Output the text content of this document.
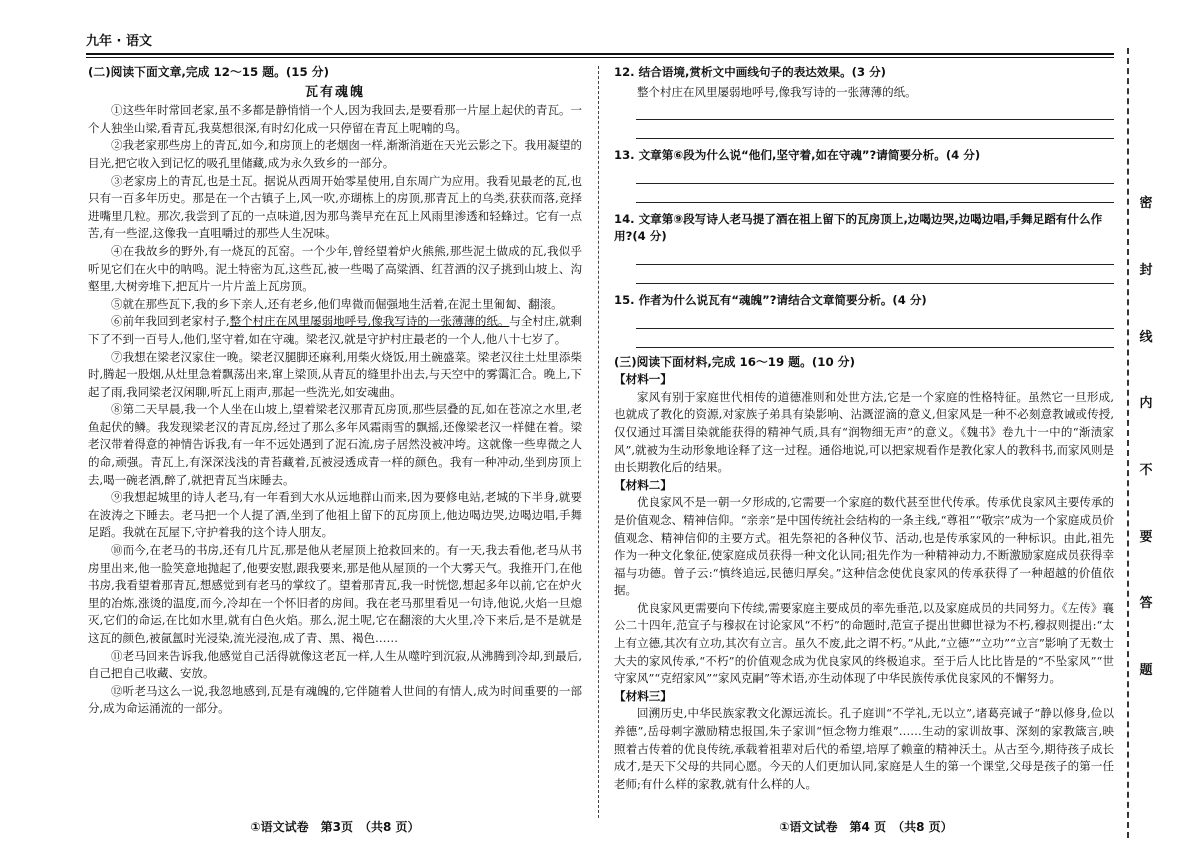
九年 · 语文
密
封
线
内
不
要
答
题

(二)阅读下面文章,完成 12～15 题。(15 分)

瓦有魂魄

①这些年时常回老家,虽不多都是静悄悄一个人,因为我回去,是要看那一片屋上起伏的青瓦。一个人独坐山梁,看青瓦,我莫想很深,有时幻化成一只停留在青瓦上呢喃的鸟。

②我老家那些房上的青瓦,如今,和房顶上的老烟囱一样,渐渐消逝在天光云影之下。我用凝望的目光,把它收入到记忆的吸孔里储藏,成为永久致乡的一部分。

③老家房上的青瓦,也是土瓦。据说从西周开始零星使用,自东周广为应用。我看见最老的瓦,也只有一百多年历史。那是在一个古镇子上,风一吹,亦瑚栋上的房顶,那青瓦上的乌类,获获而落,竞择进嘴里几粒。那次,我尝到了瓦的一点味道,因为那鸟粪早充在瓦上风雨里渗透和轻蜂过。它有一点苦,有一些涩,这像我一直咀嚼过的那些人生况味。

④在我故乡的野外,有一烧瓦的瓦窑。一个少年,曾经望着炉火熊熊,那些泥土做成的瓦,我似乎听见它们在火中的呐鸣。泥土特密为瓦,这些瓦,被一些喝了高粱酒、红苕酒的汉子挑到山坡上、沟壑里,大树旁堆下,把瓦片一片片盖上瓦房顶。

⑤就在那些瓦下,我的乡下亲人,还有老乡,他们卑微而倔强地生活着,在泥土里匍匐、翻滚。

⑥前年我回到老家村子,整个村庄在风里屡弱地呼号,像我写诗的一张薄薄的纸。与全村庄,就剩下了不到一百号人,他们,坚守着,如在守魂。梁老汉,就是守护村庄最老的一个人,他八十七岁了。

⑦我想在梁老汉家住一晚。梁老汉腿脚还麻利,用柴火烧饭,用土碗盛菜。梁老汉往土灶里添柴时,腾起一股烟,从灶里急着飘荡出来,窜上梁顶,从青瓦的缝里扑出去,与天空中的雾霭汇合。晚上,下起了雨,我同梁老汉闲聊,听瓦上雨声,那起一些洗光,如安魂曲。

⑧第二天早晨,我一个人坐在山坡上,望着梁老汉那青瓦房顶,那些层叠的瓦,如在苍凉之水里,老鱼起伏的鳞。我发现梁老汉的青瓦房,经过了那么多年风霜雨雪的飘摇,还像梁老汉一样健在着。梁老汉带着得意的神情告诉我,有一年不远处遇到了泥石流,房子居然没被冲垮。这就像一些卑微之人的命,顽强。青瓦上,有深深浅浅的青苔藏着,瓦被浸透成青一样的颜色。我有一种冲动,坐到房顶上去,喝一碗老酒,醉了,就把青瓦当床睡去。

⑨我想起城里的诗人老马,有一年看到大水从远地群山而来,因为要修电站,老城的下半身,就要在波涛之下睡去。老马把一个人提了酒,坐到了他祖上留下的瓦房顶上,他边喝边哭,边喝边唱,手舞足蹈。我就在瓦屋下,守护着我的这个诗人朋友。

⑩而今,在老马的书房,还有几片瓦,那是他从老屋顶上抢救回来的。有一天,我去看他,老马从书房里出来,他一脸笑意地抛起了,他要安慰,跟我要来,那是他从屋顶的一个大雾天气。我推开门,在他书房,我看望着那青瓦,想感觉到有老马的掌纹了。望着那青瓦,我一时恍惚,想起多年以前,它在炉火里的冶炼,涨烫的温度,而今,冷却在一个怀旧者的房间。我在老马那里看见一句诗,他说,火焰一旦熄灭,它们的命运,在比如水里,就有白色火焰。那么,泥土呢,它在翻滚的大火里,冷下来后,是不是就是这瓦的颜色,被氤氲时光浸染,流光浸泡,成了青、黑、褐色……

⑪老马回来告诉我,他感觉自己活得就像这老瓦一样,人生从噬咛到沉寂,从沸腾到冷却,到最后,自己把自己收藏、安放。

⑫听老马这么一说,我忽地感到,瓦是有魂魄的,它伴随着人世间的有情人,成为时间重要的一部分,成为命运涌流的一部分。

12. 结合语境,赏析文中画线句子的表达效果。(3 分)

整个村庄在风里屡弱地呼号,像我写诗的一张薄薄的纸。

13. 文章第⑥段为什么说“他们,坚守着,如在守魂”?请简要分析。(4 分)

14. 文章第⑨段写诗人老马提了酒在祖上留下的瓦房顶上,边喝边哭,边喝边唱,手舞足蹈有什么作用?(4 分)

15. 作者为什么说瓦有“魂魄”?请结合文章简要分析。(4 分)

(三)阅读下面材料,完成 16～19 题。(10 分)

【材料一】

家风有别于家庭世代相传的道德准则和处世方法,它是一个家庭的性格特征。虽然它一旦形成,也就成了教化的资源,对家族子弟具有染影响、沾溉涩滴的意义,但家风是一种不必刻意教诫或传授,仅仅通过耳濡目染就能获得的精神气质,具有“润物细无声”的意义。《魏书》卷九十一中的“渐渍家风”,就被为生动形象地诠释了这一过程。通俗地说,可以把家规看作是教化家人的教科书,而家风则是由长期教化后的结果。

【材料二】

优良家风不是一朝一夕形成的,它需要一个家庭的数代甚至世代传承。传承优良家风主要传承的是价值观念、精神信仰。“亲亲”是中国传统社会结构的一条主线,“尊祖”“敬宗”成为一个家庭成员价值观念、精神信仰的主要方式。祖先祭祀的各种仪节、活动,也是传承家风的一种标识。由此,祖先作为一种文化象征,使家庭成员获得一种文化认同;祖先作为一种精神动力,不断激励家庭成员获得幸福与功德。曾子云:“慎终追远,民德归厚矣。”这种信念使优良家风的传承获得了一种超越的价值依据。

优良家风更需要向下传续,需要家庭主要成员的率先垂范,以及家庭成员的共同努力。《左传》襄公二十四年,范宣子与穆叔在讨论家风“不朽”的命题时,范宣子提出世卿世禄为不朽,穆叔则提出:“太上有立德,其次有立功,其次有立言。虽久不废,此之谓不朽。”从此,“立德”“立功”“立言”影响了无数士大夫的家风传承,“不朽”的价值观念成为优良家风的终极追求。至于后人比比皆是的“不坠家风”“世守家风”“克绍家风”“家风克嗣”等术语,亦生动体现了中华民族传承优良家风的不懈努力。

【材料三】

回溯历史,中华民族家教文化源远流长。孔子庭训“不学礼,无以立”,诸葛亮诫子“静以修身,俭以养德”,岳母刺字激励精忠报国,朱子家训“恒念物力维艰”……生动的家训故事、深刻的家教箴言,映照着古传着的优良传统,承载着祖辈对后代的希望,培厚了赖童的精神沃土。从古至今,期待孩子成长成才,是天下父母的共同心愿。今天的人们更加认同,家庭是人生的第一个课堂,父母是孩子的第一任老师;有什么样的家教,就有什么样的人。

①语文试卷　第3页　（共8 页）	①语文试卷　第4 页　（共8 页）
